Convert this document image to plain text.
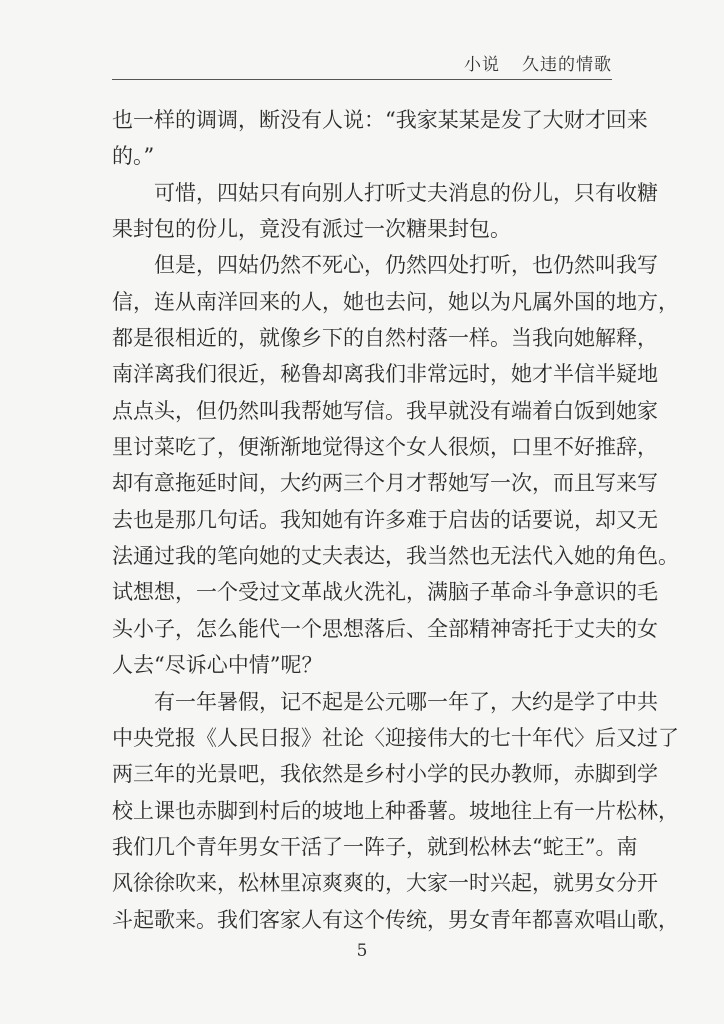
小说 久违的情歌
也一样的调调，断没有人说：“我家某某是发了大财才回来
的。”
可惜，四姑只有向别人打听丈夫消息的份儿，只有收糖
果封包的份儿，竟没有派过一次糖果封包。
但是，四姑仍然不死心，仍然四处打听，也仍然叫我写
信，连从南洋回来的人，她也去问，她以为凡属外国的地方，
都是很相近的，就像乡下的自然村落一样。当我向她解释，
南洋离我们很近，秘鲁却离我们非常远时，她才半信半疑地
点点头，但仍然叫我帮她写信。我早就没有端着白饭到她家
里讨菜吃了，便渐渐地觉得这个女人很烦，口里不好推辞，
却有意拖延时间，大约两三个月才帮她写一次，而且写来写
去也是那几句话。我知她有许多难于启齿的话要说，却又无
法通过我的笔向她的丈夫表达，我当然也无法代入她的角色。
试想想，一个受过文革战火洗礼，满脑子革命斗争意识的毛
头小子，怎么能代一个思想落后、全部精神寄托于丈夫的女
人去“尽诉心中情”呢？
有一年暑假，记不起是公元哪一年了，大约是学了中共
中央党报《人民日报》社论〈迎接伟大的七十年代〉后又过了
两三年的光景吧，我依然是乡村小学的民办教师，赤脚到学
校上课也赤脚到村后的坡地上种番薯。坡地往上有一片松林，
我们几个青年男女干活了一阵子，就到松林去“蛇王”。南
风徐徐吹来，松林里凉爽爽的，大家一时兴起，就男女分开
斗起歌来。我们客家人有这个传统，男女青年都喜欢唱山歌，
5
